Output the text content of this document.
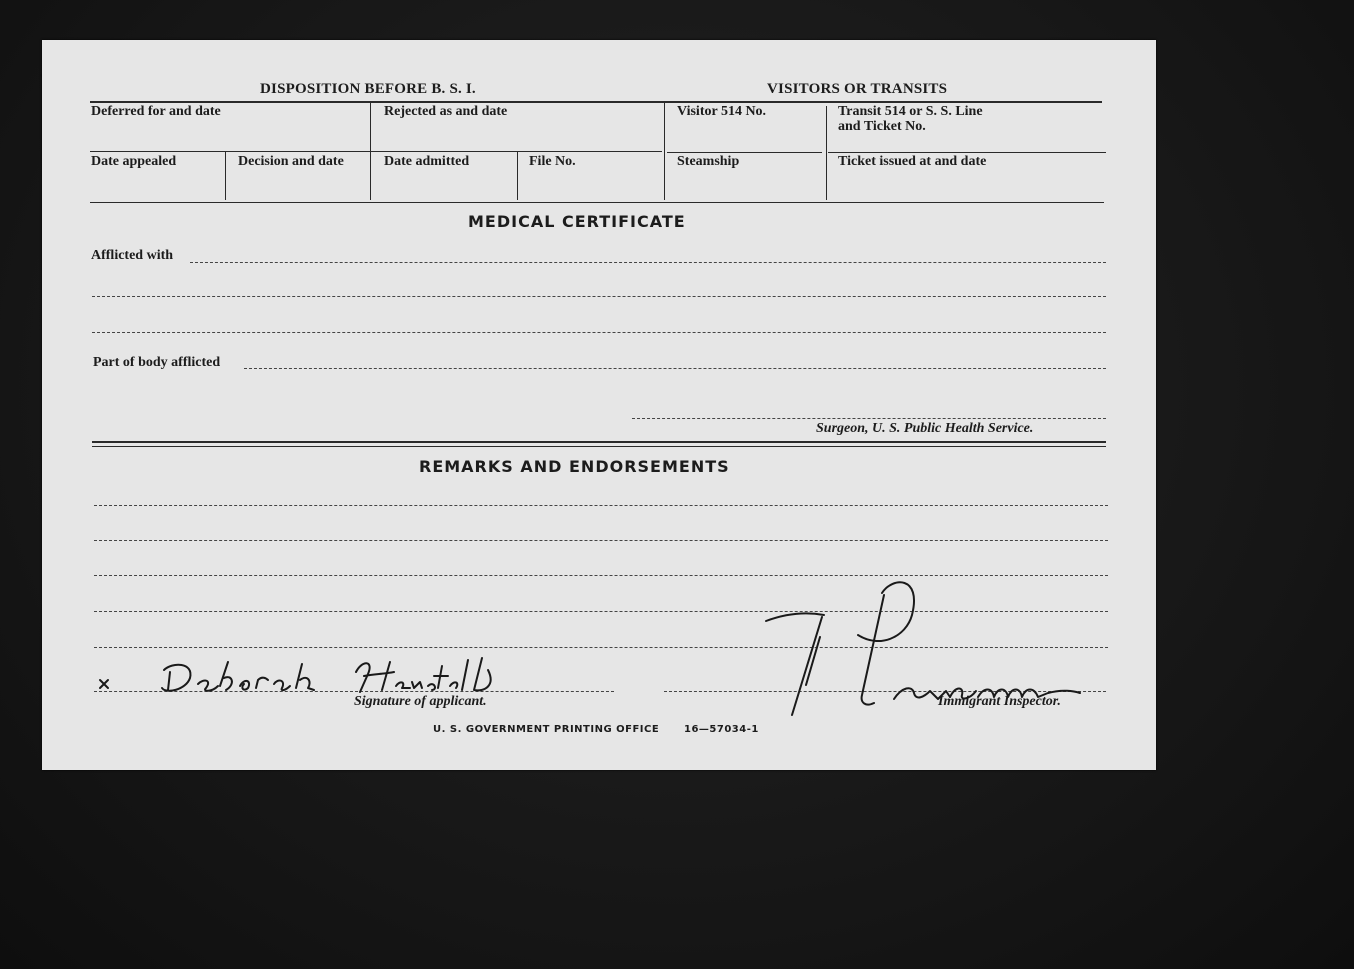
DISPOSITION BEFORE B. S. I.	VISITORS OR TRANSITS
Deferred for and date	Rejected as and date	Visitor 514 No.	Transit 514 or S. S. Line
and Ticket No.
Date appealed	Decision and date	Date admitted	File No.	Steamship	Ticket issued at and date
MEDICAL CERTIFICATE
Afflicted with
Part of body afflicted
Surgeon, U. S. Public Health Service.
REMARKS AND ENDORSEMENTS
Signature of applicant.	Immigrant Inspector.
U. S. GOVERNMENT PRINTING OFFICE 16—57034-1
